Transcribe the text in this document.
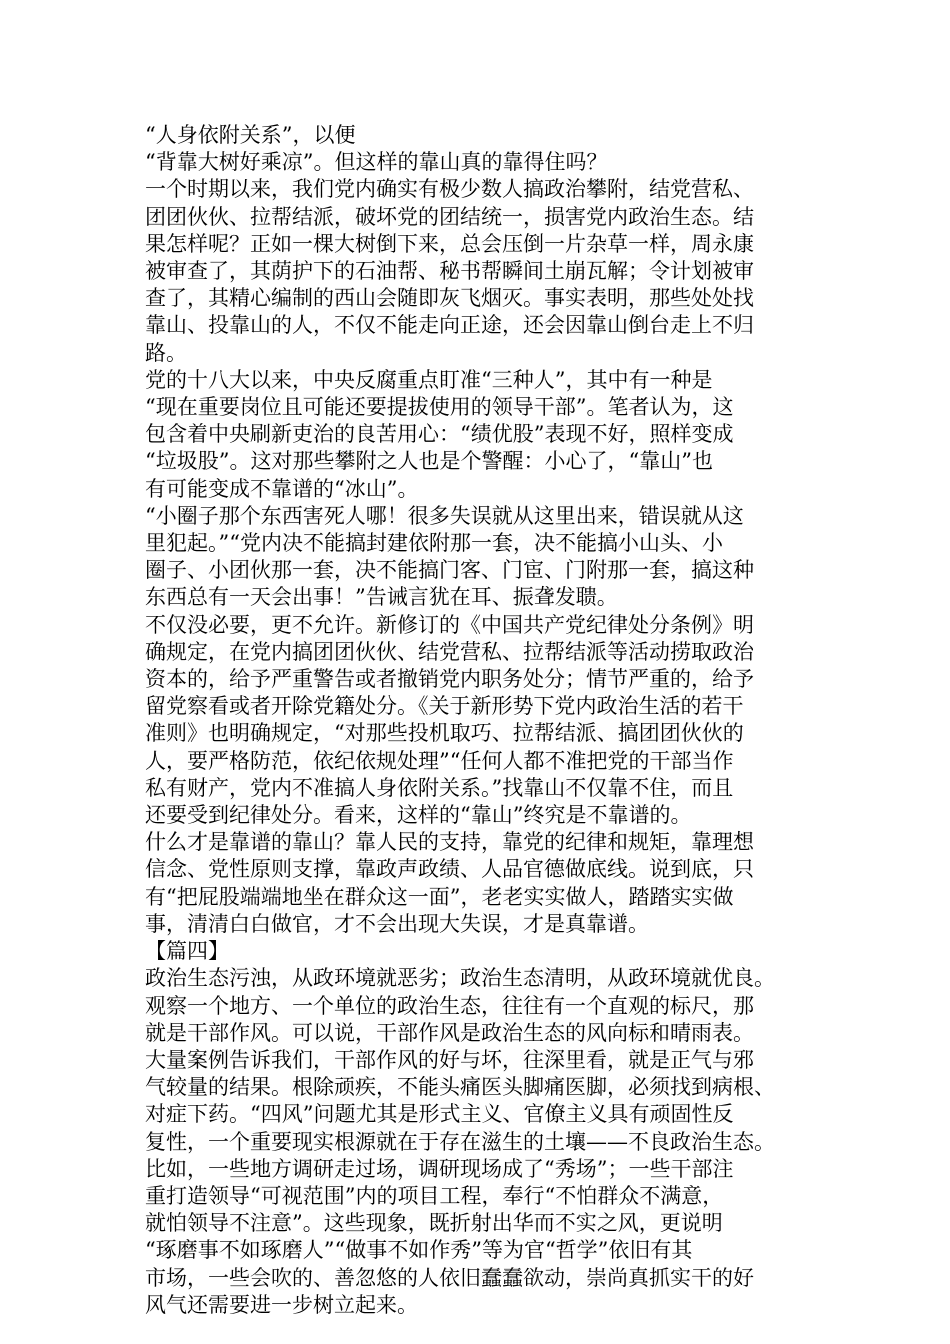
“人身依附关系”，以便

“背靠大树好乘凉”。但这样的靠山真的靠得住吗？

一个时期以来，我们党内确实有极少数人搞政治攀附，结党营私、
团团伙伙、拉帮结派，破坏党的团结统一，损害党内政治生态。结
果怎样呢？正如一棵大树倒下来，总会压倒一片杂草一样，周永康
被审查了，其荫护下的石油帮、秘书帮瞬间土崩瓦解；令计划被审
查了，其精心编制的西山会随即灰飞烟灭。事实表明，那些处处找
靠山、投靠山的人，不仅不能走向正途，还会因靠山倒台走上不归
路。

党的十八大以来，中央反腐重点盯准“三种人”，其中有一种是
“现在重要岗位且可能还要提拔使用的领导干部”。笔者认为，这
包含着中央刷新吏治的良苦用心：“绩优股”表现不好，照样变成
“垃圾股”。这对那些攀附之人也是个警醒：小心了，“靠山”也
有可能变成不靠谱的“冰山”。

“小圈子那个东西害死人哪！很多失误就从这里出来，错误就从这
里犯起。”“党内决不能搞封建依附那一套，决不能搞小山头、小
圈子、小团伙那一套，决不能搞门客、门宦、门附那一套，搞这种
东西总有一天会出事！”告诫言犹在耳、振聋发聩。

不仅没必要，更不允许。新修订的《中国共产党纪律处分条例》明
确规定，在党内搞团团伙伙、结党营私、拉帮结派等活动捞取政治
资本的，给予严重警告或者撤销党内职务处分；情节严重的，给予
留党察看或者开除党籍处分。《关于新形势下党内政治生活的若干
准则》也明确规定，“对那些投机取巧、拉帮结派、搞团团伙伙的
人，要严格防范，依纪依规处理”“任何人都不准把党的干部当作
私有财产，党内不准搞人身依附关系。”找靠山不仅靠不住，而且
还要受到纪律处分。看来，这样的“靠山”终究是不靠谱的。

什么才是靠谱的靠山？靠人民的支持，靠党的纪律和规矩，靠理想
信念、党性原则支撑，靠政声政绩、人品官德做底线。说到底，只
有“把屁股端端地坐在群众这一面”，老老实实做人，踏踏实实做
事，清清白白做官，才不会出现大失误，才是真靠谱。

【篇四】

政治生态污浊，从政环境就恶劣；政治生态清明，从政环境就优良。
观察一个地方、一个单位的政治生态，往往有一个直观的标尺，那
就是干部作风。可以说，干部作风是政治生态的风向标和晴雨表。

大量案例告诉我们，干部作风的好与坏，往深里看，就是正气与邪
气较量的结果。根除顽疾，不能头痛医头脚痛医脚，必须找到病根、
对症下药。“四风”问题尤其是形式主义、官僚主义具有顽固性反
复性，一个重要现实根源就在于存在滋生的土壤——不良政治生态。
比如，一些地方调研走过场，调研现场成了“秀场”；一些干部注
重打造领导“可视范围”内的项目工程，奉行“不怕群众不满意，
就怕领导不注意”。这些现象，既折射出华而不实之风，更说明
“琢磨事不如琢磨人”“做事不如作秀”等为官“哲学”依旧有其
市场，一些会吹的、善忽悠的人依旧蠢蠢欲动，崇尚真抓实干的好
风气还需要进一步树立起来。
